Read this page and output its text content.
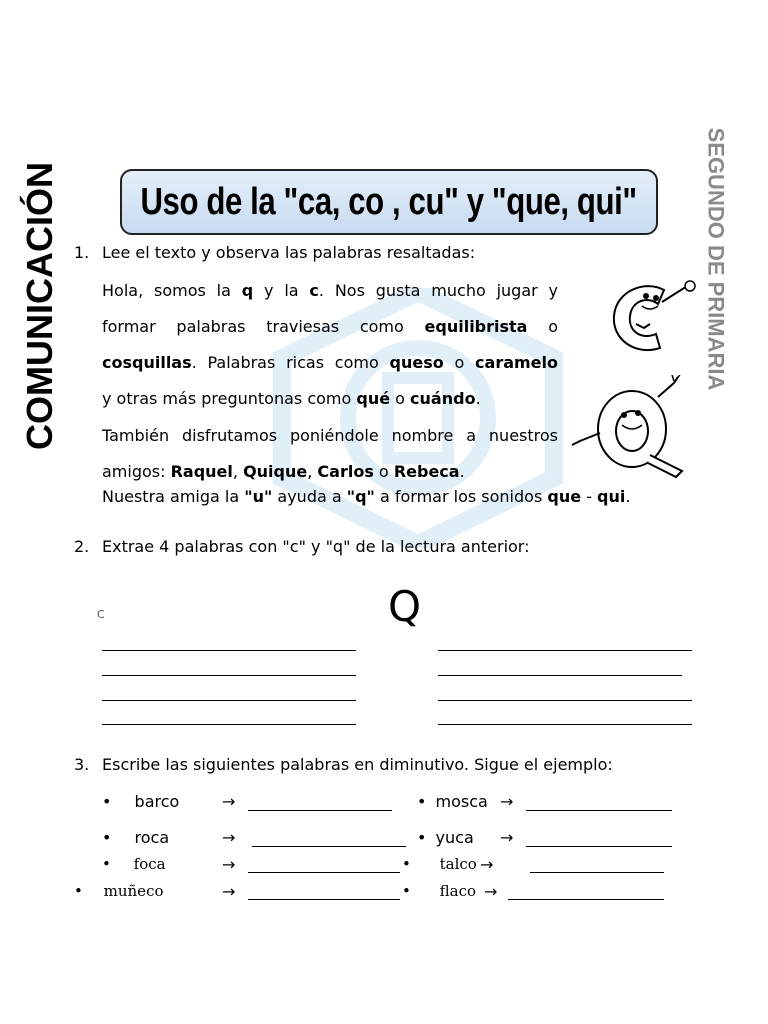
COMUNICACIÓN	SEGUNDO DE PRIMARIA
Uso de la "ca, co , cu" y "que, qui"
1. Lee el texto y observa las palabras resaltadas:
Hola, somos la q y la c. Nos gusta mucho jugar y
formar palabras traviesas como equilibrista o
cosquillas. Palabras ricas como queso o caramelo
y otras más preguntonas como qué o cuándo.
También disfrutamos poniéndole nombre a nuestros
amigos: Raquel, Quique, Carlos o Rebeca.
Nuestra amiga la "u" ayuda a "q" a formar los sonidos que - qui.
2. Extrae 4 palabras con "c" y "q" de la lectura anterior:
C	Q
3. Escribe las siguientes palabras en diminutivo. Sigue el ejemplo:
• barco	→	• mosca →
• roca	→	• yuca →
• foca	→	• talco →
• muñeco	→	• flaco →
